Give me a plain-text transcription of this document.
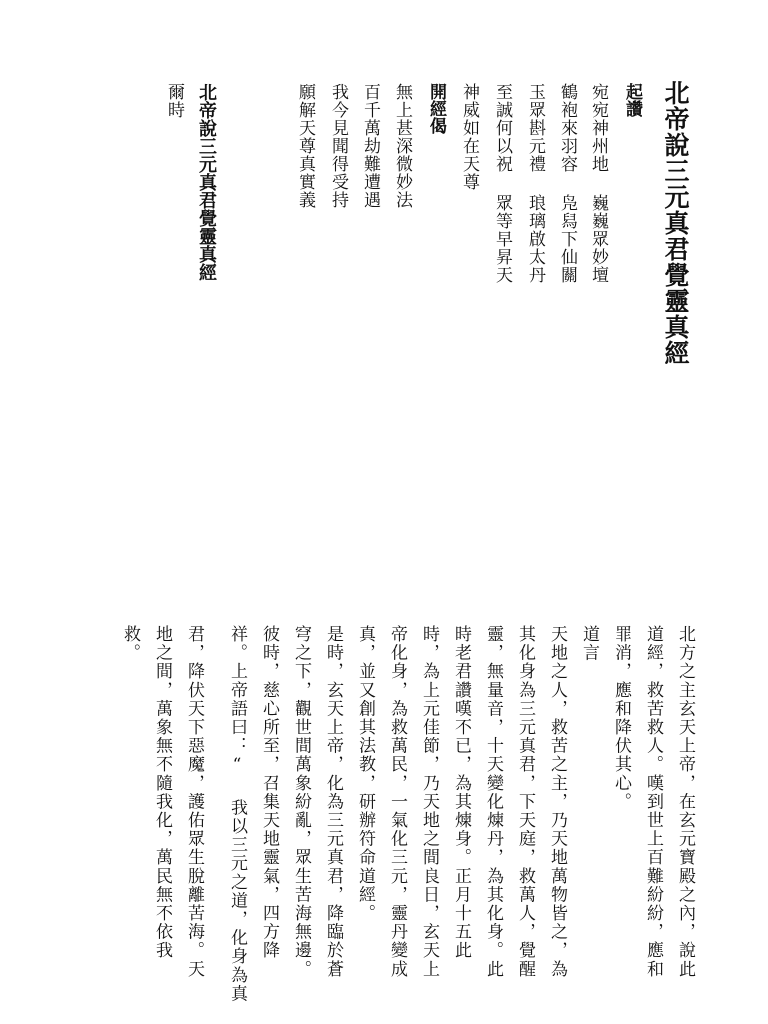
北帝說三元真君覺靈真經
起讚
宛宛神州地 巍巍眾妙壇
鶴袍來羽容 凫舄下仙關
玉眾斟元禮 琅璃啟太丹
至誠何以祝 眾等早昇天
神威如在天尊
開經偈
無上甚深微妙法
百千萬劫難遭遇
我今見聞得受持
願解天尊真實義
北帝說三元真君覺靈真經
爾時
北方之主玄天上帝，在玄元寶殿之內，說此
道經，救苦救人。嘆到世上百難紛紛，應和
罪消，應和降伏其心。
道言
天地之人，救苦之主，乃天地萬物皆之，為
其化身為三元真君，下天庭，救萬人，覺醒
靈，無量音，十天變化煉丹，為其化身。此
時老君讚嘆不已，為其煉身。正月十五此
時，為上元佳節，乃天地之間良日，玄天上
帝化身，為救萬民，一氣化三元，靈丹變成
真，並又創其法教，研辦符命道經。
是時，玄天上帝，化為三元真君，降臨於蒼
穹之下，觀世間萬象紛亂，眾生苦海無邊。
彼時，慈心所至，召集天地靈氣，四方降
祥。上帝語曰：“ 我以三元之道，化身為真
君，降伏天下惡魔，護佑眾生脫離苦海。天
地之間，萬象無不隨我化，萬民無不依我
救。
